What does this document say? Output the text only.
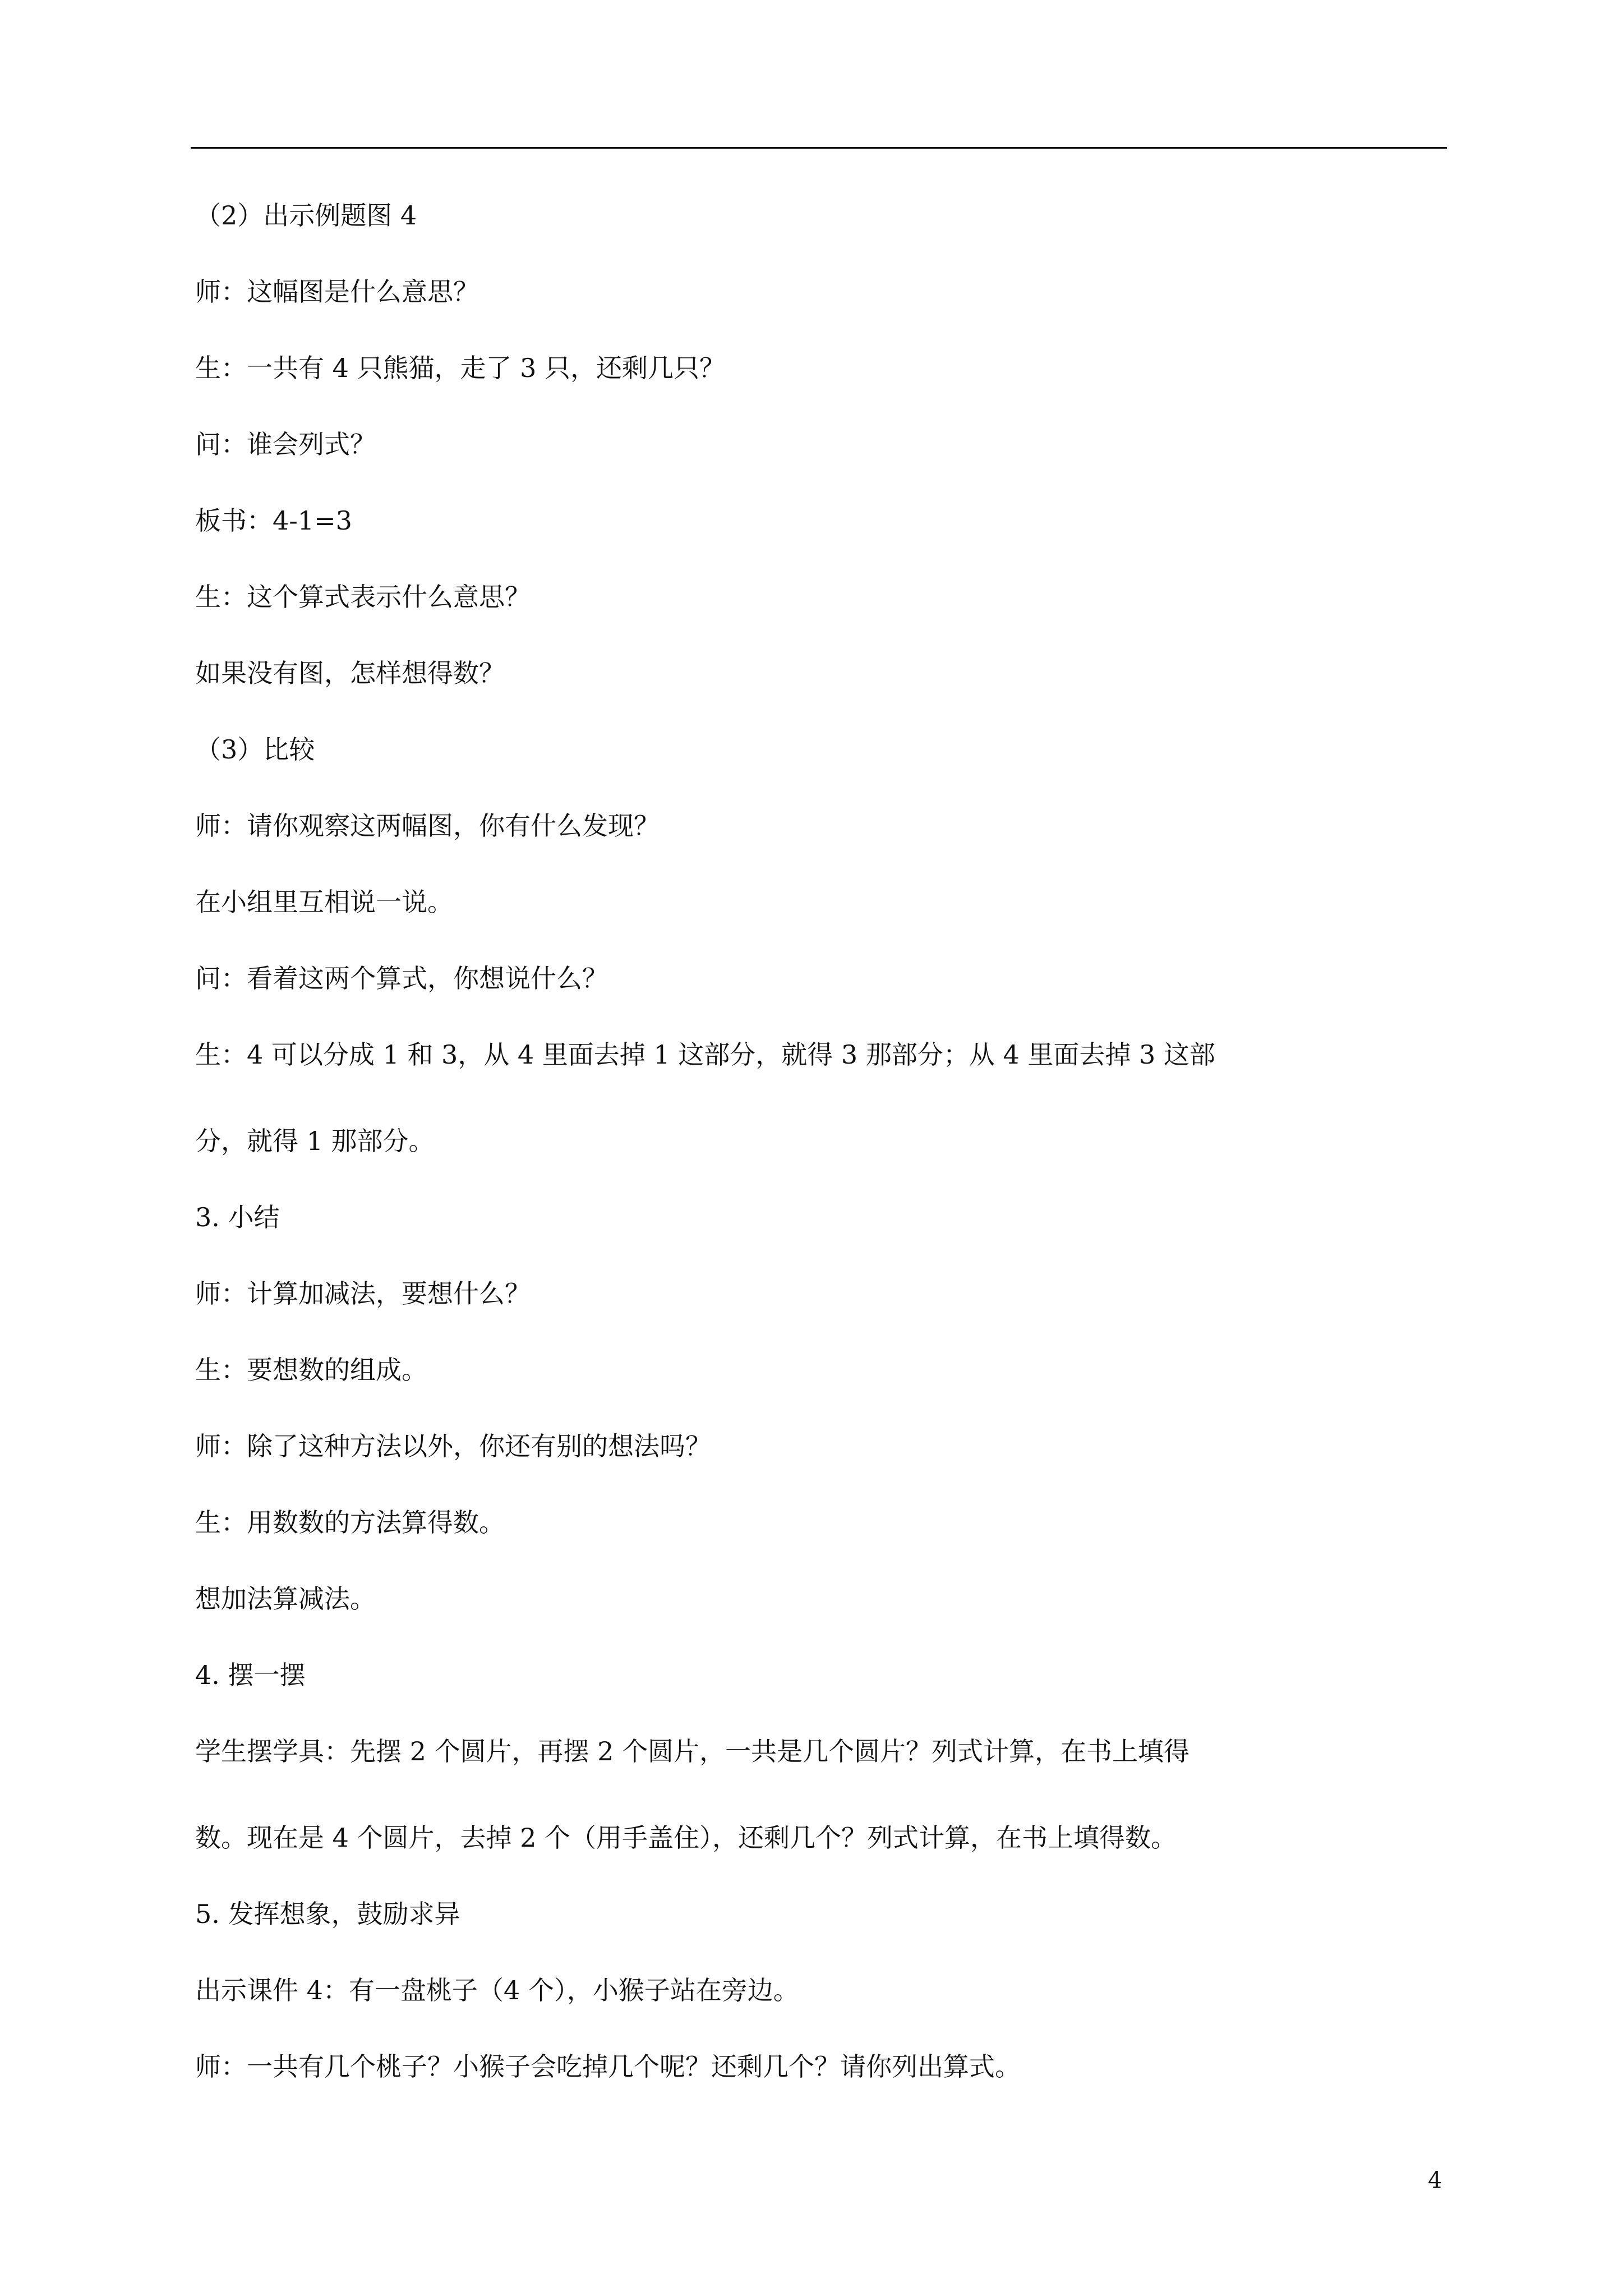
（2）出示例题图 4
师：这幅图是什么意思？
生：一共有 4 只熊猫，走了 3 只，还剩几只？
问：谁会列式？
板书：4-1=3
生：这个算式表示什么意思？
如果没有图，怎样想得数？
（3）比较
师：请你观察这两幅图，你有什么发现？
在小组里互相说一说。
问：看着这两个算式，你想说什么？
生：4 可以分成 1 和 3，从 4 里面去掉 1 这部分，就得 3 那部分；从 4 里面去掉 3 这部
分，就得 1 那部分。
3. 小结
师：计算加减法，要想什么？
生：要想数的组成。
师：除了这种方法以外，你还有别的想法吗？
生：用数数的方法算得数。
想加法算减法。
4. 摆一摆
学生摆学具：先摆 2 个圆片，再摆 2 个圆片，一共是几个圆片？列式计算，在书上填得
数。现在是 4 个圆片，去掉 2 个（用手盖住），还剩几个？列式计算，在书上填得数。
5. 发挥想象，鼓励求异
出示课件 4：有一盘桃子（4 个），小猴子站在旁边。
师：一共有几个桃子？小猴子会吃掉几个呢？还剩几个？请你列出算式。
4
